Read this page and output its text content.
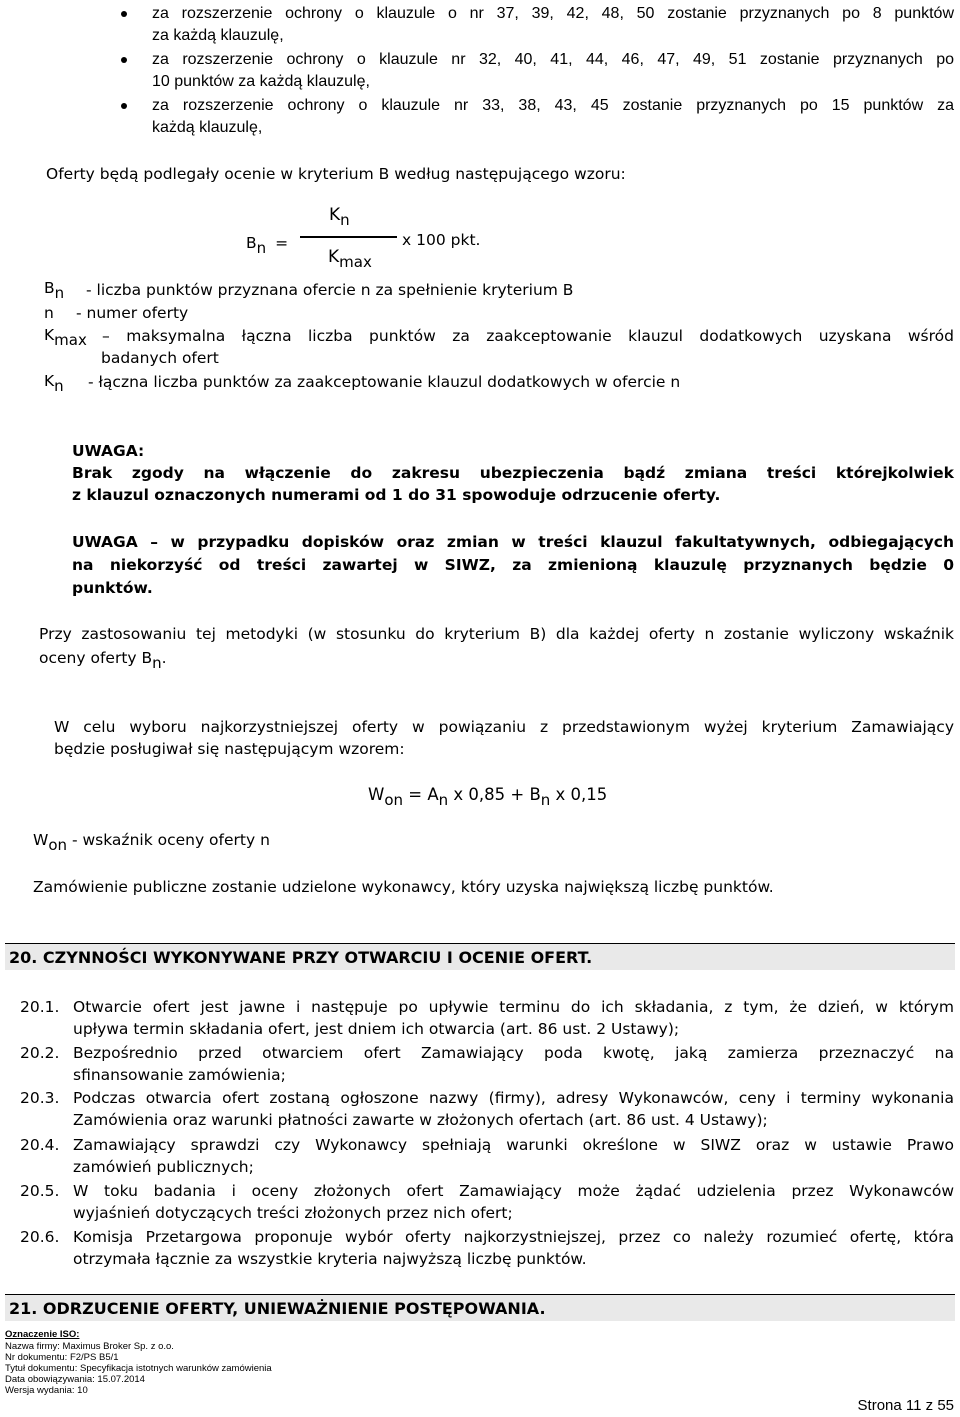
za rozszerzenie ochrony o klauzule o nr 37, 39, 42, 48, 50 zostanie przyznanych po 8 punktów
za każdą klauzulę,
za rozszerzenie ochrony o klauzule nr 32, 40, 41, 44, 46, 47, 49, 51 zostanie przyznanych po
10 punktów za każdą klauzulę,
za rozszerzenie ochrony o klauzule nr 33, 38, 43, 45 zostanie przyznanych po 15 punktów za
każdą klauzulę,
Oferty będą podlegały ocenie w kryterium B według następującego wzoru:
Bn =
Kn
Kmax
x 100 pkt.
Bn - liczba punktów przyznana ofercie n za spełnienie kryterium B
n - numer oferty
Kmax – maksymalna łączna liczba punktów za zaakceptowanie klauzul dodatkowych uzyskana wśród
badanych ofert
Kn - łączna liczba punktów za zaakceptowanie klauzul dodatkowych w ofercie n
UWAGA:
Brak zgody na włączenie do zakresu ubezpieczenia bądź zmiana treści którejkolwiek
z klauzul oznaczonych numerami od 1 do 31 spowoduje odrzucenie oferty.
UWAGA – w przypadku dopisków oraz zmian w treści klauzul fakultatywnych, odbiegających
na niekorzyść od treści zawartej w SIWZ, za zmienioną klauzulę przyznanych będzie 0
punktów.
Przy zastosowaniu tej metodyki (w stosunku do kryterium B) dla każdej oferty n zostanie wyliczony wskaźnik
oceny oferty Bn.
W celu wyboru najkorzystniejszej oferty w powiązaniu z przedstawionym wyżej kryterium Zamawiający
będzie posługiwał się następującym wzorem:
Won = An x 0,85 + Bn x 0,15
Won - wskaźnik oceny oferty n
Zamówienie publiczne zostanie udzielone wykonawcy, który uzyska największą liczbę punktów.
20. CZYNNOŚCI WYKONYWANE PRZY OTWARCIU I OCENIE OFERT.
20.1. Otwarcie ofert jest jawne i następuje po upływie terminu do ich składania, z tym, że dzień, w którym
upływa termin składania ofert, jest dniem ich otwarcia (art. 86 ust. 2 Ustawy);
20.2. Bezpośrednio przed otwarciem ofert Zamawiający poda kwotę, jaką zamierza przeznaczyć na
sfinansowanie zamówienia;
20.3. Podczas otwarcia ofert zostaną ogłoszone nazwy (firmy), adresy Wykonawców, ceny i terminy wykonania
Zamówienia oraz warunki płatności zawarte w złożonych ofertach (art. 86 ust. 4 Ustawy);
20.4. Zamawiający sprawdzi czy Wykonawcy spełniają warunki określone w SIWZ oraz w ustawie Prawo
zamówień publicznych;
20.5. W toku badania i oceny złożonych ofert Zamawiający może żądać udzielenia przez Wykonawców
wyjaśnień dotyczących treści złożonych przez nich ofert;
20.6. Komisja Przetargowa proponuje wybór oferty najkorzystniejszej, przez co należy rozumieć ofertę, która
otrzymała łącznie za wszystkie kryteria najwyższą liczbę punktów.
21. ODRZUCENIE OFERTY, UNIEWAŻNIENIE POSTĘPOWANIA.
Oznaczenie ISO:
Nazwa firmy: Maximus Broker Sp. z o.o.
Nr dokumentu: F2/PS B5/1
Tytuł dokumentu: Specyfikacja istotnych warunków zamówienia
Data obowiązywania: 15.07.2014
Wersja wydania: 10
Strona 11 z 55
